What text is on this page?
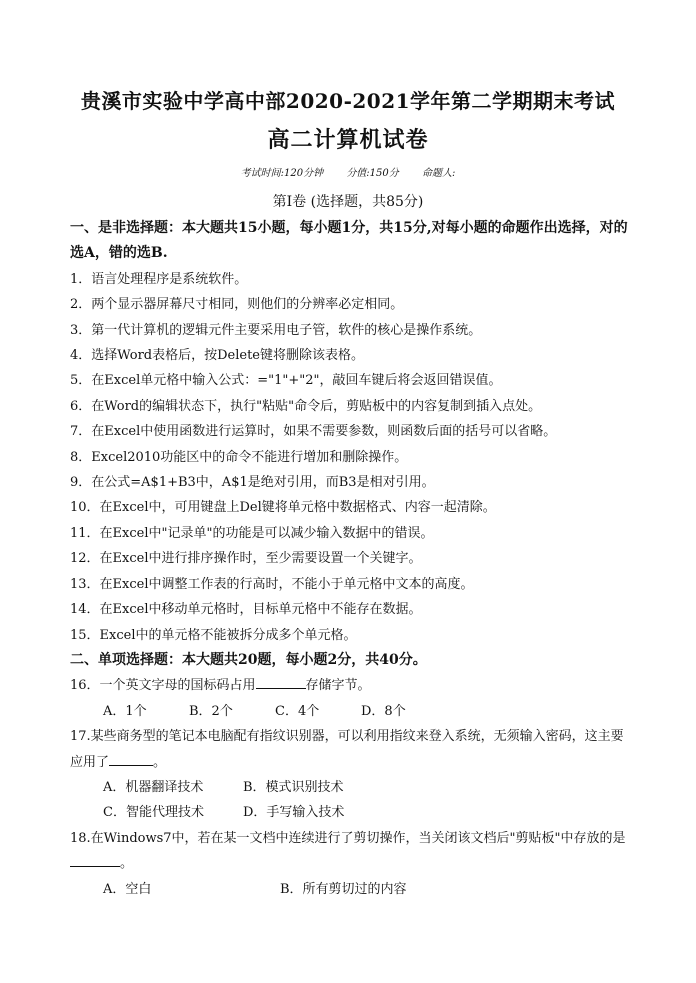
贵溪市实验中学高中部2020-2021学年第二学期期末考试
高二计算机试卷
考试时间:120分钟 分值:150分 命题人:
第Ⅰ卷 (选择题，共85分)
一、是非选择题：本大题共15小题，每小题1分，共15分,对每小题的命题作出选择，对的选A，错的选B.
1．语言处理程序是系统软件。
2．两个显示器屏幕尺寸相同，则他们的分辨率必定相同。
3．第一代计算机的逻辑元件主要采用电子管，软件的核心是操作系统。
4．选择Word表格后，按Delete键将删除该表格。
5．在Excel单元格中输入公式：="1"+"2"，敲回车键后将会返回错误值。
6．在Word的编辑状态下，执行"粘贴"命令后，剪贴板中的内容复制到插入点处。
7．在Excel中使用函数进行运算时，如果不需要参数，则函数后面的括号可以省略。
8．Excel2010功能区中的命令不能进行增加和删除操作。
9．在公式=A$1+B3中，A$1是绝对引用，而B3是相对引用。
10．在Excel中，可用键盘上Del键将单元格中数据格式、内容一起清除。
11．在Excel中"记录单"的功能是可以减少输入数据中的错误。
12．在Excel中进行排序操作时，至少需要设置一个关键字。
13．在Excel中调整工作表的行高时，不能小于单元格中文本的高度。
14．在Excel中移动单元格时，目标单元格中不能存在数据。
15．Excel中的单元格不能被拆分成多个单元格。
二、单项选择题：本大题共20题，每小题2分，共40分。
16．一个英文字母的国标码占用	存储字节。
A．1个	B．2个	C．4个	D．8个
17.某些商务型的笔记本电脑配有指纹识别器，可以利用指纹来登入系统，无须输入密码，这主要应用了	。
A．机器翻译技术	B．模式识别技术
C．智能代理技术	D．手写输入技术
18.在Windows7中，若在某一文档中连续进行了剪切操作，当关闭该文档后"剪贴板"中存放的是。
A．空白	B．所有剪切过的内容
